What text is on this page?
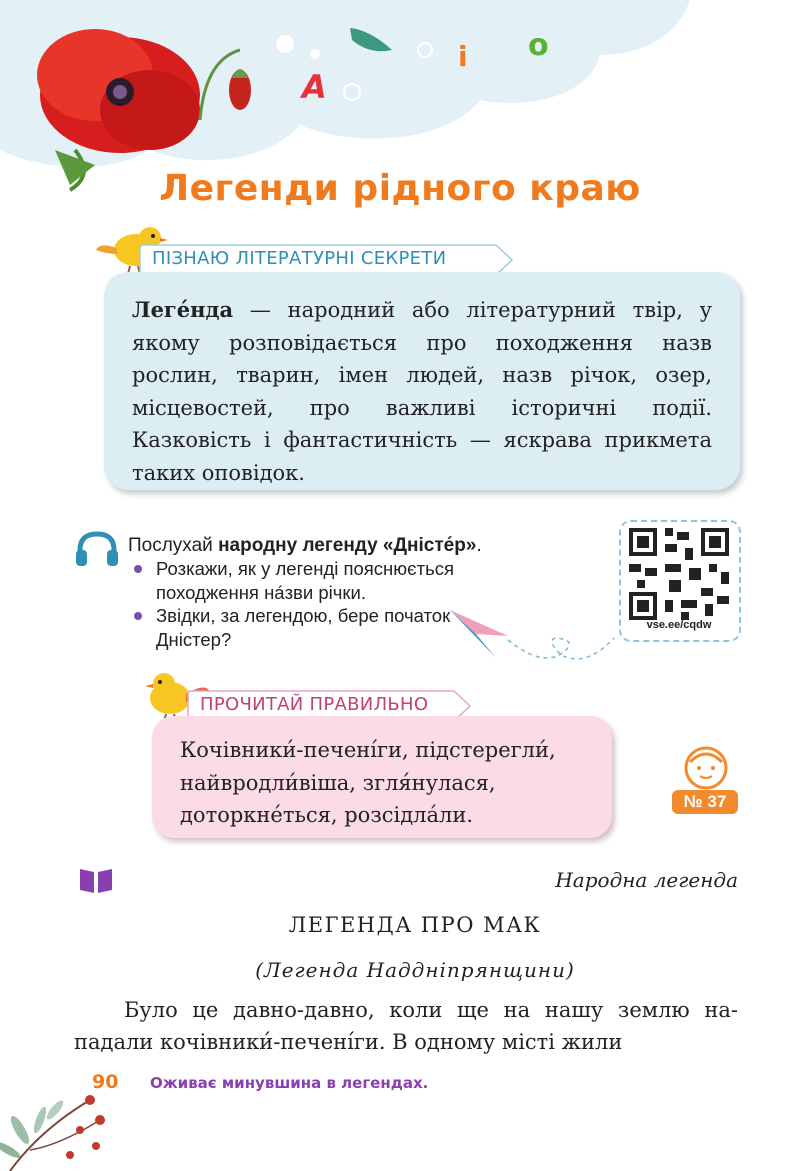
А
і о
Легенди рідного краю
ПІЗНАЮ ЛІТЕРАТУРНІ СЕКРЕТИ

Леге́нда — народний або літературний твір, у якому розповідається про походження назв рослин, тварин, імен людей, назв річок, озер, місцевостей, про важливі історичні події. Казковість і фантастичність — яскрава прикмета таких оповідок.

Послухай народну легенду «Дністе́р».
Розкажи, як у легенді пояснюється походження на́зви річки.
Звідки, за легендою, бере початок Дністер?
vse.ee/cqdw
ПРОЧИТАЙ ПРАВИЛЬНО

Кочівники́-печені́ги, підстерегли́, найвродли́віша, згля́нулася, доторкне́ться, розсідла́ли.

№ 37
Народна легенда
ЛЕГЕНДА ПРО МАК
(Легенда Наддніпрянщини)

Було це давно-давно, коли ще на нашу землю нападали кочівники́-печені́ги. В одному місті жили

90 Оживає минувшина в легендах.
